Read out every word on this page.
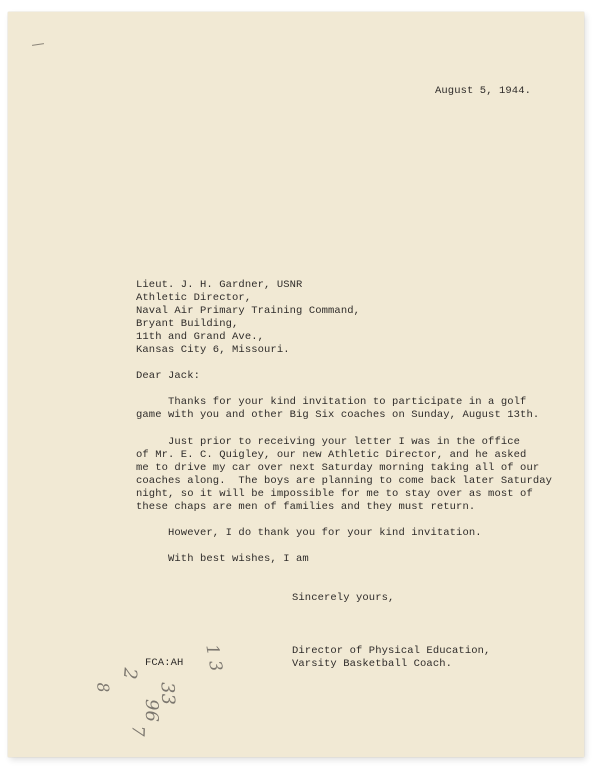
August 5, 1944.
Lieut. J. H. Gardner, USNR
Athletic Director,
Naval Air Primary Training Command,
Bryant Building,
11th and Grand Ave.,
Kansas City 6, Missouri.
Dear Jack:
Thanks for your kind invitation to participate in a golf
game with you and other Big Six coaches on Sunday, August 13th.
Just prior to receiving your letter I was in the office
of Mr. E. C. Quigley, our new Athletic Director, and he asked
me to drive my car over next Saturday morning taking all of our
coaches along.  The boys are planning to come back later Saturday
night, so it will be impossible for me to stay over as most of
these chaps are men of families and they must return.
However, I do thank you for your kind invitation.
With best wishes, I am
Sincerely yours,
Director of Physical Education,
Varsity Basketball Coach.
FCA:AH 1 3
2
33
96
7
8
